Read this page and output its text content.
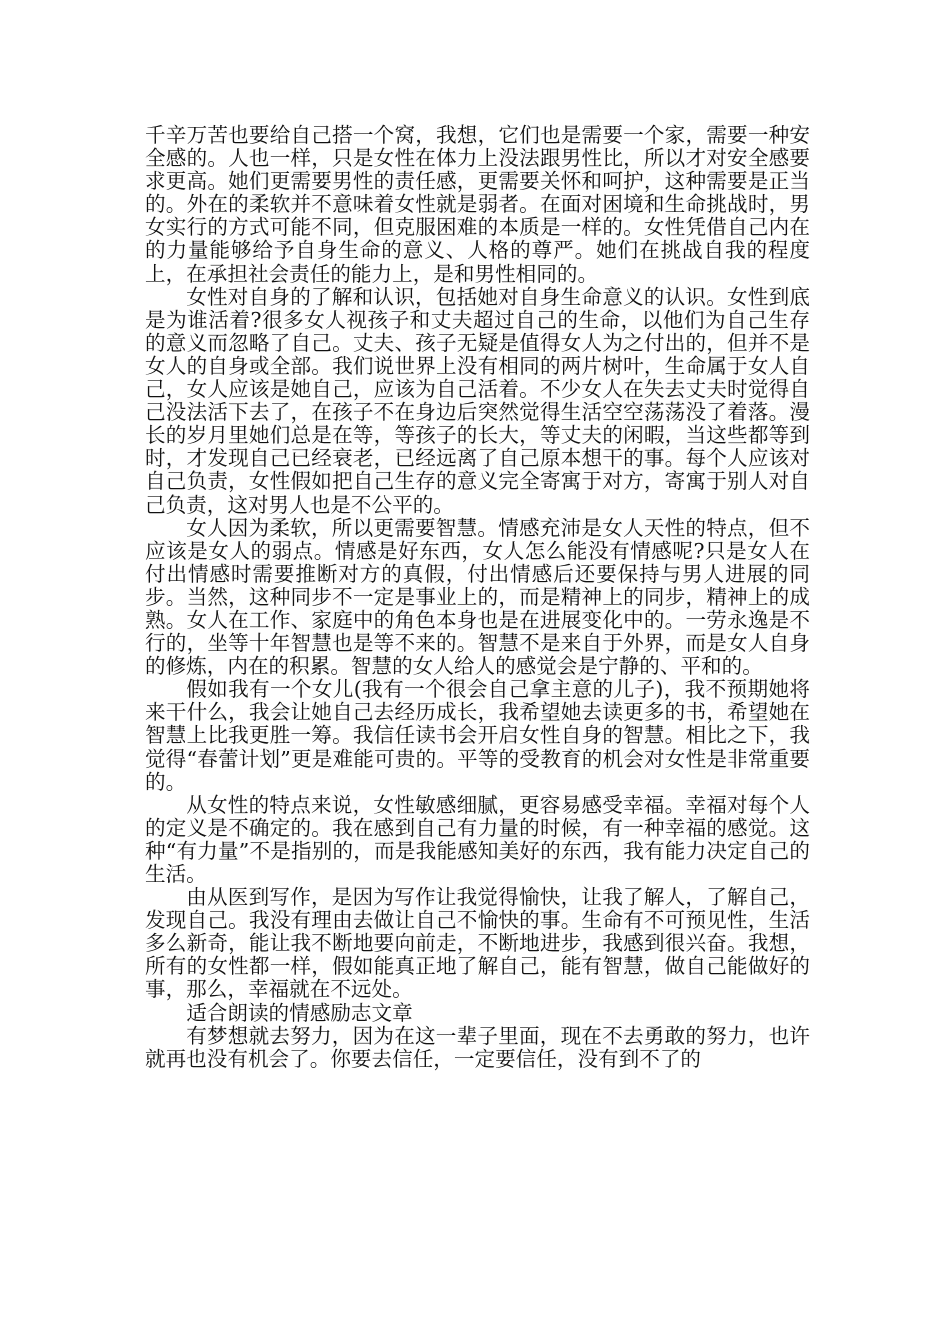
千辛万苦也要给自己搭一个窝，我想，它们也是需要一个家，需要一种安全感的。人也一样，只是女性在体力上没法跟男性比，所以才对安全感要求更高。她们更需要男性的责任感，更需要关怀和呵护，这种需要是正当的。外在的柔软并不意味着女性就是弱者。在面对困境和生命挑战时，男女实行的方式可能不同，但克服困难的本质是一样的。女性凭借自己内在的力量能够给予自身生命的意义、人格的尊严。她们在挑战自我的程度上，在承担社会责任的能力上，是和男性相同的。

女性对自身的了解和认识，包括她对自身生命意义的认识。女性到底是为谁活着?很多女人视孩子和丈夫超过自己的生命，以他们为自己生存的意义而忽略了自己。丈夫、孩子无疑是值得女人为之付出的，但并不是女人的自身或全部。我们说世界上没有相同的两片树叶，生命属于女人自己，女人应该是她自己，应该为自己活着。不少女人在失去丈夫时觉得自己没法活下去了，在孩子不在身边后突然觉得生活空空荡荡没了着落。漫长的岁月里她们总是在等，等孩子的长大，等丈夫的闲暇，当这些都等到时，才发现自己已经衰老，已经远离了自己原本想干的事。每个人应该对自己负责，女性假如把自己生存的意义完全寄寓于对方，寄寓于别人对自己负责，这对男人也是不公平的。

女人因为柔软，所以更需要智慧。情感充沛是女人天性的特点，但不应该是女人的弱点。情感是好东西，女人怎么能没有情感呢?只是女人在付出情感时需要推断对方的真假，付出情感后还要保持与男人进展的同步。当然，这种同步不一定是事业上的，而是精神上的同步，精神上的成熟。女人在工作、家庭中的角色本身也是在进展变化中的。一劳永逸是不行的，坐等十年智慧也是等不来的。智慧不是来自于外界，而是女人自身的修炼，内在的积累。智慧的女人给人的感觉会是宁静的、平和的。

假如我有一个女儿(我有一个很会自己拿主意的儿子)，我不预期她将来干什么，我会让她自己去经历成长，我希望她去读更多的书，希望她在智慧上比我更胜一筹。我信任读书会开启女性自身的智慧。相比之下，我觉得“春蕾计划”更是难能可贵的。平等的受教育的机会对女性是非常重要的。

从女性的特点来说，女性敏感细腻，更容易感受幸福。幸福对每个人的定义是不确定的。我在感到自己有力量的时候，有一种幸福的感觉。这种“有力量”不是指别的，而是我能感知美好的东西，我有能力决定自己的生活。

由从医到写作，是因为写作让我觉得愉快，让我了解人，了解自己，发现自己。我没有理由去做让自己不愉快的事。生命有不可预见性，生活多么新奇，能让我不断地要向前走，不断地进步，我感到很兴奋。我想，所有的女性都一样，假如能真正地了解自己，能有智慧，做自己能做好的事，那么，幸福就在不远处。

适合朗读的情感励志文章

有梦想就去努力，因为在这一辈子里面，现在不去勇敢的努力，也许就再也没有机会了。你要去信任，一定要信任，没有到不了的
